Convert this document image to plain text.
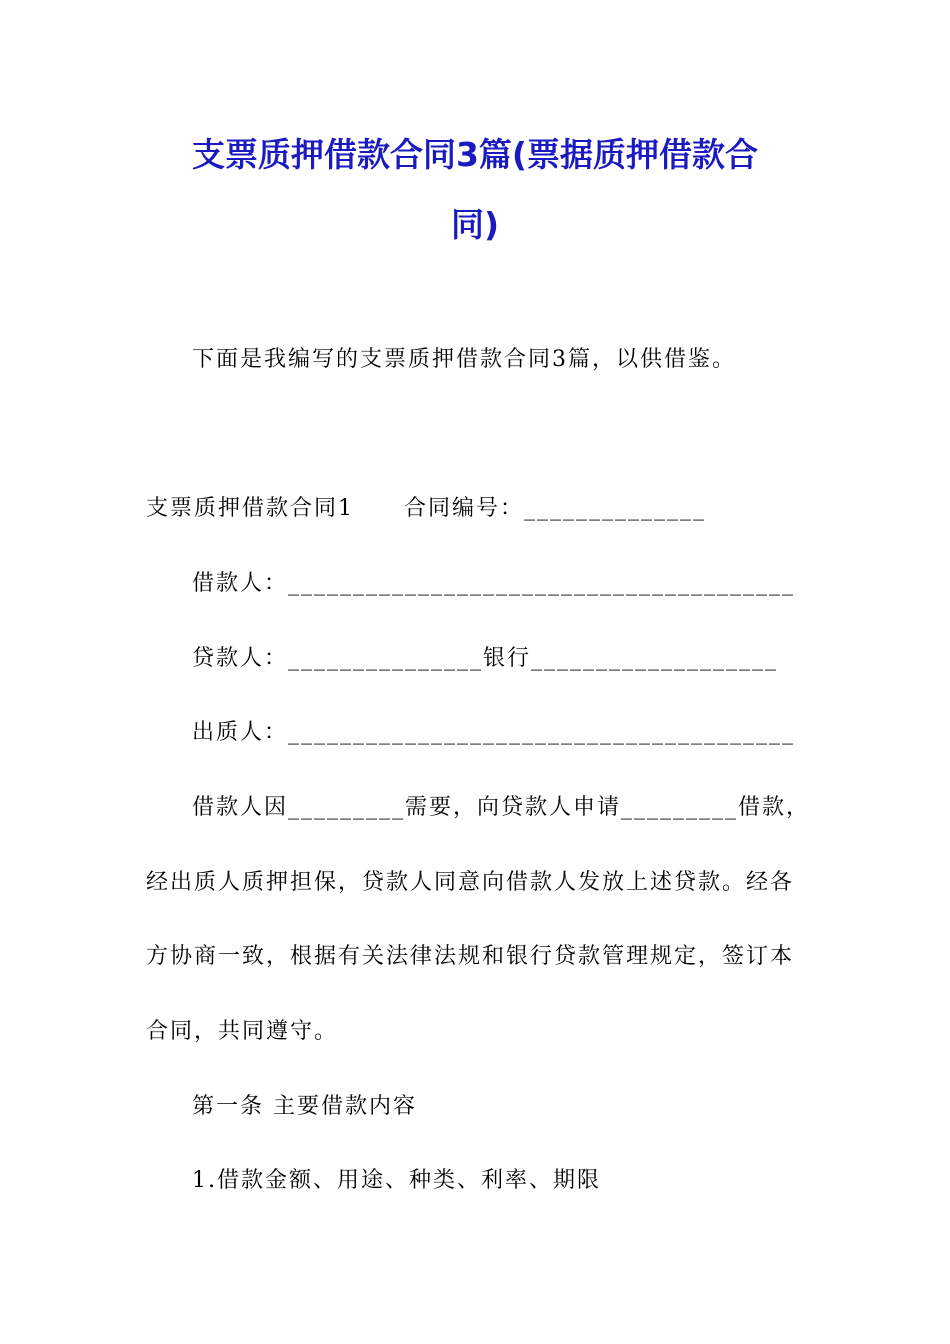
支票质押借款合同3篇(票据质押借款合
同)
下面是我编写的支票质押借款合同3篇，以供借鉴。
支票质押借款合同1 合同编号：______________
借款人：_______________________________________
贷款人：_______________银行___________________
出质人：_______________________________________
借款人因_________需要，向贷款人申请_________借款，
经出质人质押担保，贷款人同意向借款人发放上述贷款。经各
方协商一致，根据有关法律法规和银行贷款管理规定，签订本
合同，共同遵守。
第一条 主要借款内容
1.借款金额、用途、种类、利率、期限
